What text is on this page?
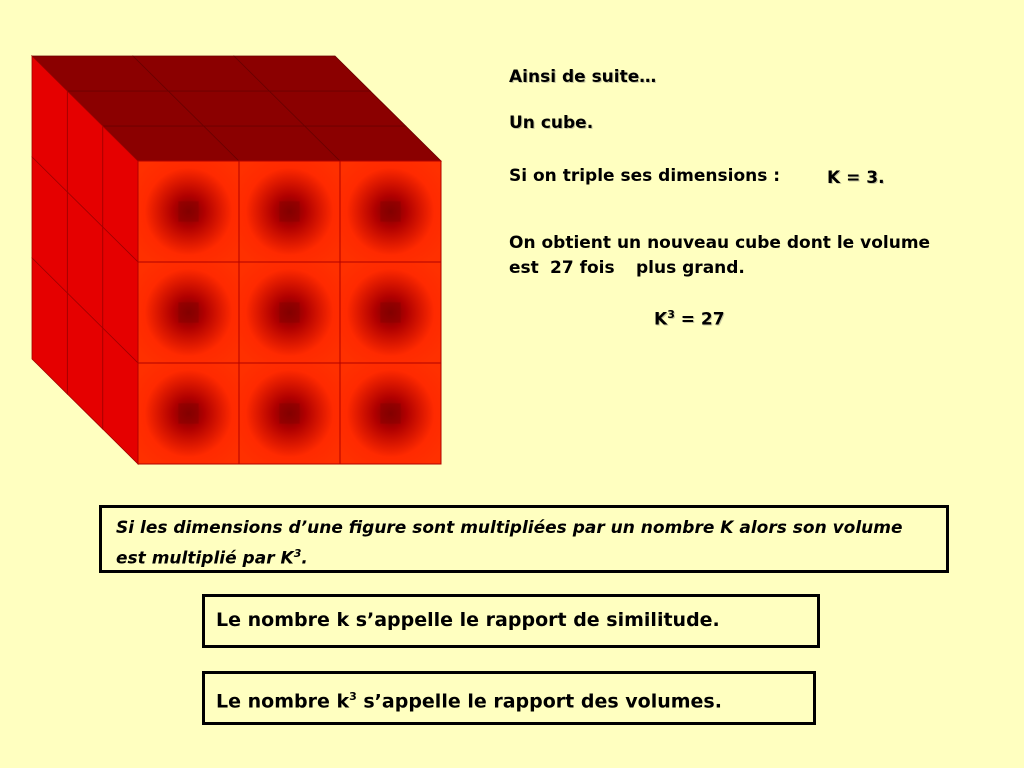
Ainsi de suite…
Un cube.
Si on triple ses dimensions :	K = 3.
On obtient un nouveau cube dont le volume
est 27 fois plus grand.
$K^3 = 27$
Si les dimensions d’une figure sont multipliées par un nombre K alors son volume est multiplié par $K^3$.
Le nombre k s’appelle le rapport de similitude.
Le nombre $k^3$ s’appelle le rapport des volumes.
